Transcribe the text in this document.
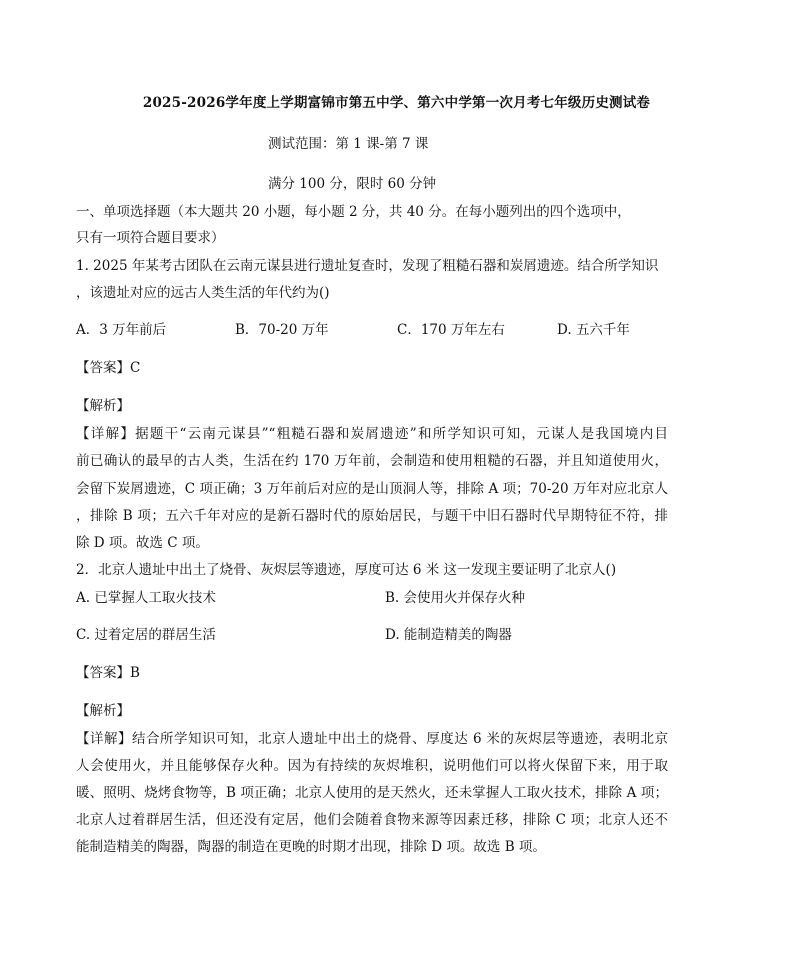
2025-2026学年度上学期富锦市第五中学、第六中学第一次月考七年级历史测试卷
测试范围：第 1 课-第 7 课
满分 100 分，限时 60 分钟
一、单项选择题（本大题共 20 小题，每小题 2 分，共 40 分。在每小题列出的四个选项中，
只有一项符合题目要求）
1. 2025 年某考古团队在云南元谋县进行遗址复查时，发现了粗糙石器和炭屑遗迹。结合所学知识
，该遗址对应的远古人类生活的年代约为()
A．3 万年前后	B．70-20 万年	C．170 万年左右	D. 五六千年
【答案】C
【解析】
【详解】据题干“云南元谋县”“粗糙石器和炭屑遗迹”和所学知识可知，元谋人是我国境内目
前已确认的最早的古人类，生活在约 170 万年前，会制造和使用粗糙的石器，并且知道使用火，
会留下炭屑遗迹，C 项正确；3 万年前后对应的是山顶洞人等，排除 A 项；70-20 万年对应北京人
，排除 B 项；五六千年对应的是新石器时代的原始居民，与题干中旧石器时代早期特征不符，排
除 D 项。故选 C 项。
2．北京人遗址中出土了烧骨、灰烬层等遗迹，厚度可达 6 米 这一发现主要证明了北京人()
A. 已掌握人工取火技术	B. 会使用火并保存火种
C. 过着定居的群居生活	D. 能制造精美的陶器
【答案】B
【解析】
【详解】结合所学知识可知，北京人遗址中出土的烧骨、厚度达 6 米的灰烬层等遗迹，表明北京
人会使用火，并且能够保存火种。因为有持续的灰烬堆积，说明他们可以将火保留下来，用于取
暖、照明、烧烤食物等，B 项正确；北京人使用的是天然火，还未掌握人工取火技术，排除 A 项；
北京人过着群居生活，但还没有定居，他们会随着食物来源等因素迁移，排除 C 项；北京人还不
能制造精美的陶器，陶器的制造在更晚的时期才出现，排除 D 项。故选 B 项。
